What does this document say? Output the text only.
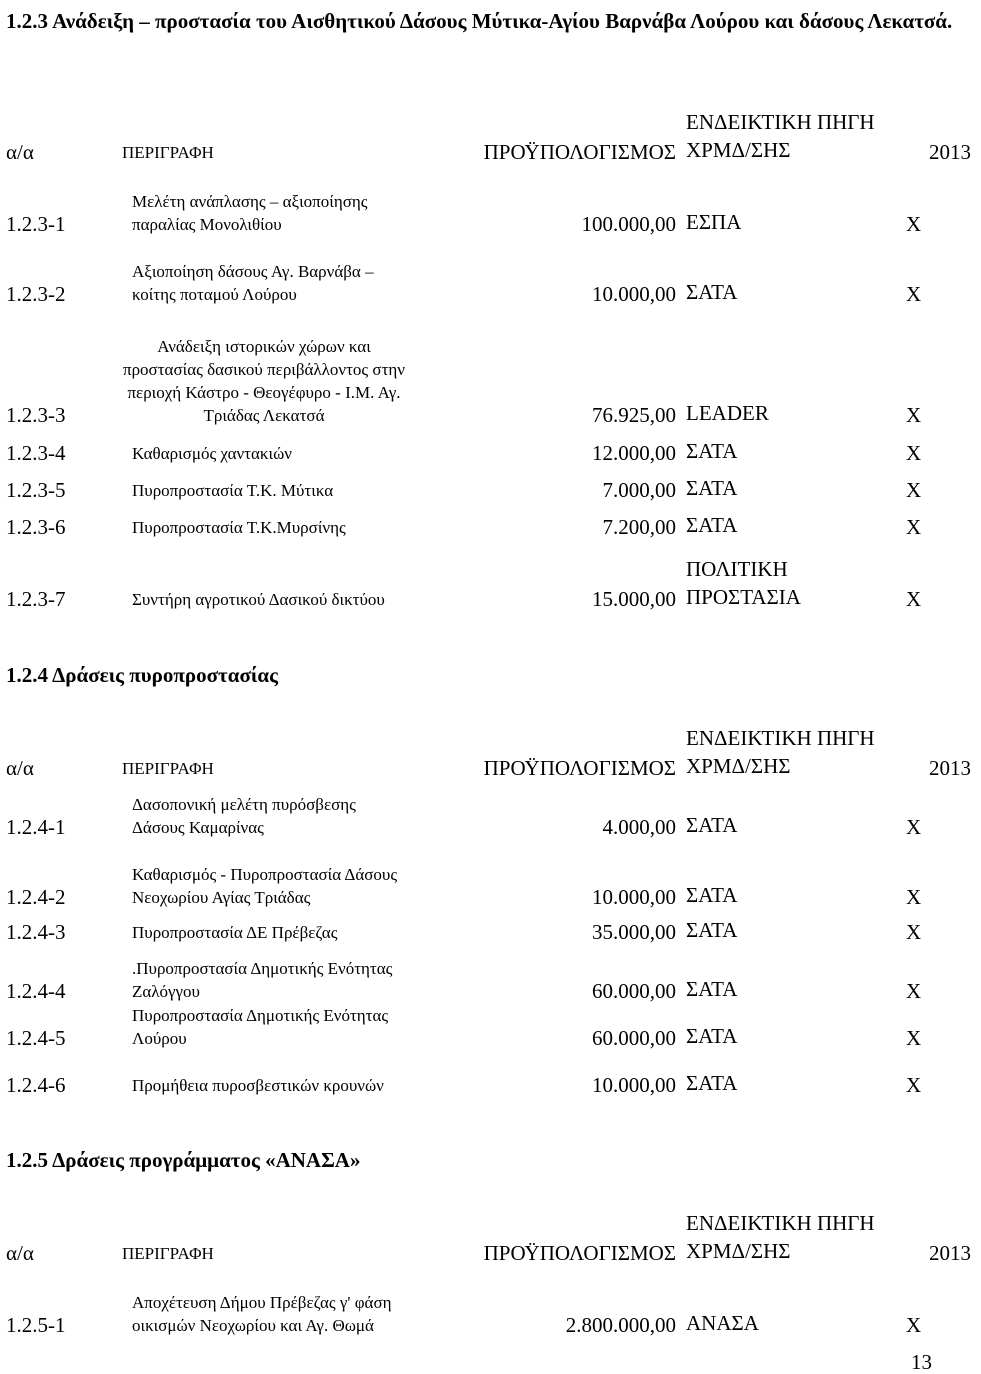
1.2.3 Ανάδειξη – προστασία του Αισθητικού Δάσους Μύτικα-Αγίου Βαρνάβα Λούρου και δάσους Λεκατσά.
α/α	ΠΕΡΙΓΡΑΦΗ	ΠΡΟΫΠΟΛΟΓΙΣΜΟΣ	ΕΝΔΕΙΚΤΙΚΗ ΠΗΓΗ ΧΡΜΔ/ΣΗΣ	2013
1.2.3-1	Μελέτη ανάπλασης – αξιοποίησης παραλίας Μονολιθίου	100.000,00	ΕΣΠΑ	Χ
1.2.3-2	Αξιοποίηση δάσους Αγ. Βαρνάβα – κοίτης ποταμού Λούρου	10.000,00	ΣΑΤΑ	Χ
1.2.3-3	Ανάδειξη ιστορικών χώρων και προστασίας δασικού περιβάλλοντος στην περιοχή Κάστρο - Θεογέφυρο - Ι.Μ. Αγ. Τριάδας Λεκατσά	76.925,00	LEADER	Χ
1.2.3-4	Καθαρισμός χαντακιών	12.000,00	ΣΑΤΑ	Χ
1.2.3-5	Πυροπροστασία Τ.Κ. Μύτικα	7.000,00	ΣΑΤΑ	Χ
1.2.3-6	Πυροπροστασία Τ.Κ.Μυρσίνης	7.200,00	ΣΑΤΑ	Χ
1.2.3-7	Συντήρη αγροτικού Δασικού δικτύου	15.000,00	ΠΟΛΙΤΙΚΗ ΠΡΟΣΤΑΣΙΑ	Χ
1.2.4 Δράσεις πυροπροστασίας
α/α	ΠΕΡΙΓΡΑΦΗ	ΠΡΟΫΠΟΛΟΓΙΣΜΟΣ	ΕΝΔΕΙΚΤΙΚΗ ΠΗΓΗ ΧΡΜΔ/ΣΗΣ	2013
1.2.4-1	Δασοπονική μελέτη πυρόσβεσης Δάσους Καμαρίνας	4.000,00	ΣΑΤΑ	Χ
1.2.4-2	Καθαρισμός - Πυροπροστασία Δάσους Νεοχωρίου Αγίας Τριάδας	10.000,00	ΣΑΤΑ	Χ
1.2.4-3	Πυροπροστασία ΔΕ Πρέβεζας	35.000,00	ΣΑΤΑ	Χ
1.2.4-4	.Πυροπροστασία Δημοτικής Ενότητας Ζαλόγγου	60.000,00	ΣΑΤΑ	Χ
1.2.4-5	Πυροπροστασία Δημοτικής Ενότητας Λούρου	60.000,00	ΣΑΤΑ	Χ
1.2.4-6	Προμήθεια πυροσβεστικών κρουνών	10.000,00	ΣΑΤΑ	Χ
1.2.5 Δράσεις προγράμματος «ΑΝΑΣΑ»
α/α	ΠΕΡΙΓΡΑΦΗ	ΠΡΟΫΠΟΛΟΓΙΣΜΟΣ	ΕΝΔΕΙΚΤΙΚΗ ΠΗΓΗ ΧΡΜΔ/ΣΗΣ	2013
1.2.5-1	Αποχέτευση Δήμου Πρέβεζας γ' φάση οικισμών Νεοχωρίου και Αγ. Θωμά	2.800.000,00	ΑΝΑΣΑ	Χ
13
